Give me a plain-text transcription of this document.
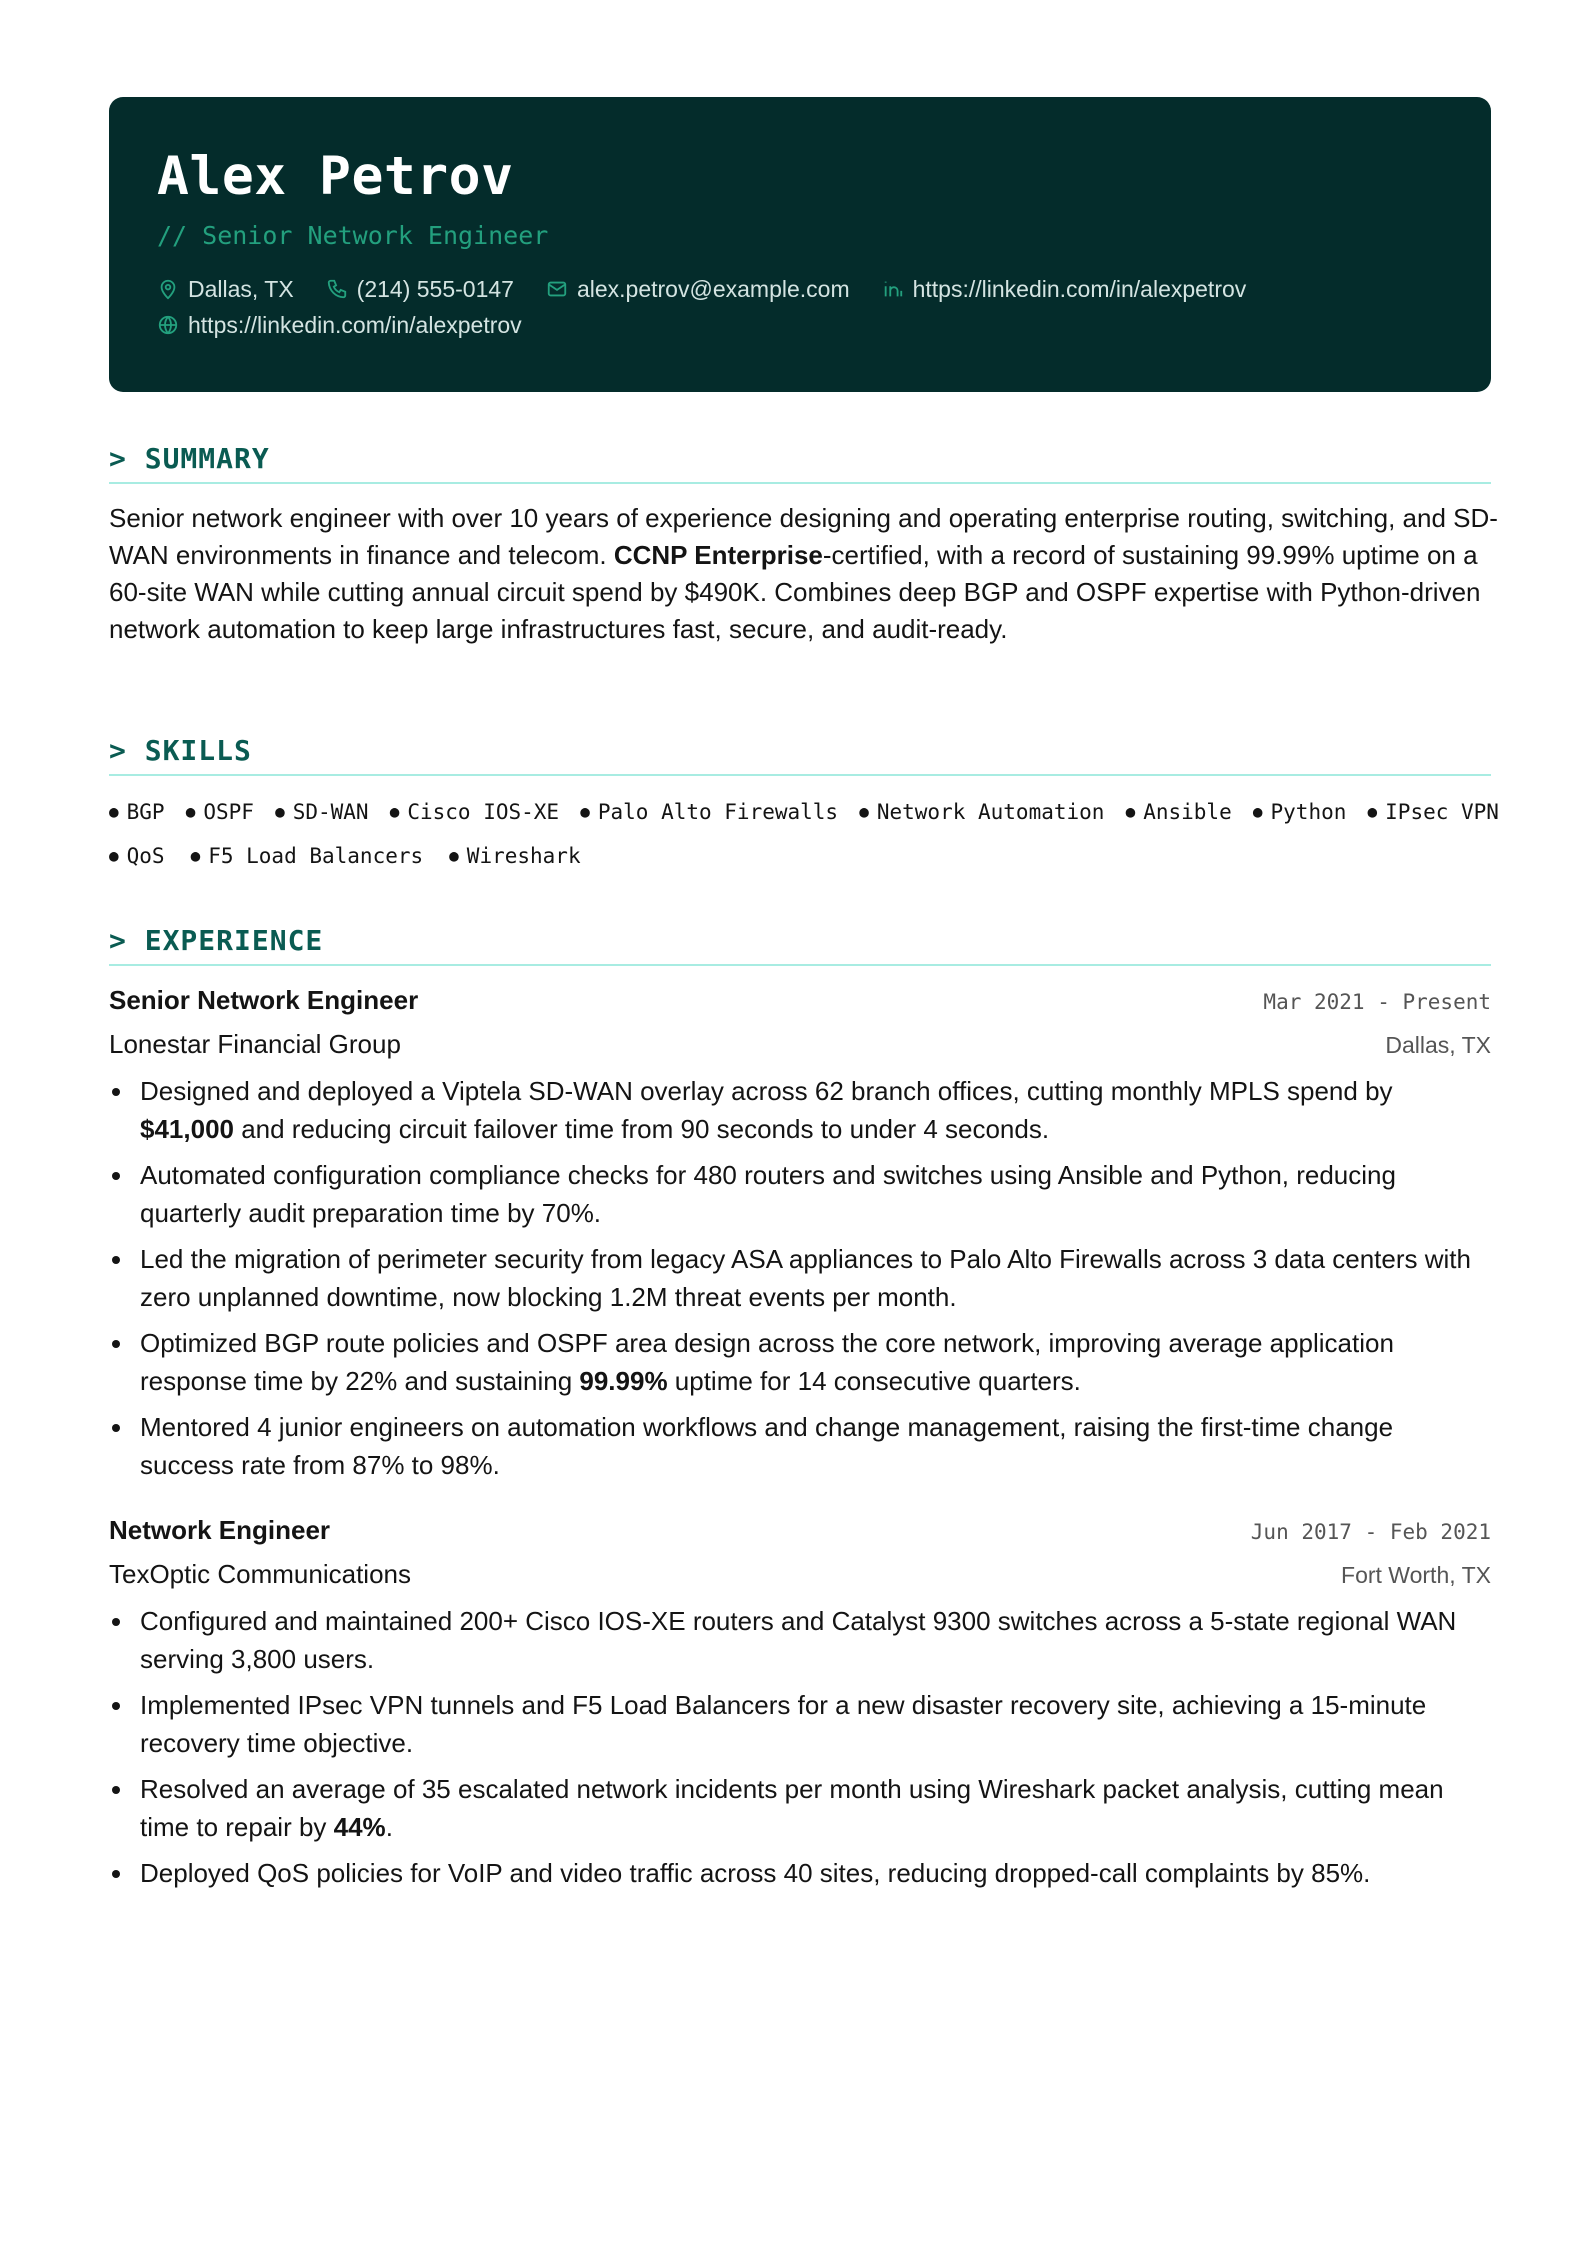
Alex Petrov
// Senior Network Engineer
Dallas, TX	(214) 555-0147	alex.petrov@example.com	https://linkedin.com/in/alexpetrov
https://linkedin.com/in/alexpetrov
> SUMMARY

Senior network engineer with over 10 years of experience designing and operating enterprise routing, switching, and SD-WAN environments in finance and telecom. CCNP Enterprise-certified, with a record of sustaining 99.99% uptime on a 60-site WAN while cutting annual circuit spend by $490K. Combines deep BGP and OSPF expertise with Python-driven network automation to keep large infrastructures fast, secure, and audit-ready.

> SKILLS
● BGP ● OSPF ● SD-WAN ● Cisco IOS-XE ● Palo Alto Firewalls ● Network Automation ● Ansible ● Python ● IPsec VPN
● QoS ● F5 Load Balancers ● Wireshark
> EXPERIENCE
Senior Network Engineer	Mar 2021 - Present
Lonestar Financial Group	Dallas, TX
Designed and deployed a Viptela SD-WAN overlay across 62 branch offices, cutting monthly MPLS spend by $41,000 and reducing circuit failover time from 90 seconds to under 4 seconds.
Automated configuration compliance checks for 480 routers and switches using Ansible and Python, reducing quarterly audit preparation time by 70%.
Led the migration of perimeter security from legacy ASA appliances to Palo Alto Firewalls across 3 data centers with zero unplanned downtime, now blocking 1.2M threat events per month.
Optimized BGP route policies and OSPF area design across the core network, improving average application response time by 22% and sustaining 99.99% uptime for 14 consecutive quarters.
Mentored 4 junior engineers on automation workflows and change management, raising the first-time change success rate from 87% to 98%.
Network Engineer	Jun 2017 - Feb 2021
TexOptic Communications	Fort Worth, TX
Configured and maintained 200+ Cisco IOS-XE routers and Catalyst 9300 switches across a 5-state regional WAN serving 3,800 users.
Implemented IPsec VPN tunnels and F5 Load Balancers for a new disaster recovery site, achieving a 15-minute recovery time objective.
Resolved an average of 35 escalated network incidents per month using Wireshark packet analysis, cutting mean time to repair by 44%.
Deployed QoS policies for VoIP and video traffic across 40 sites, reducing dropped-call complaints by 85%.
